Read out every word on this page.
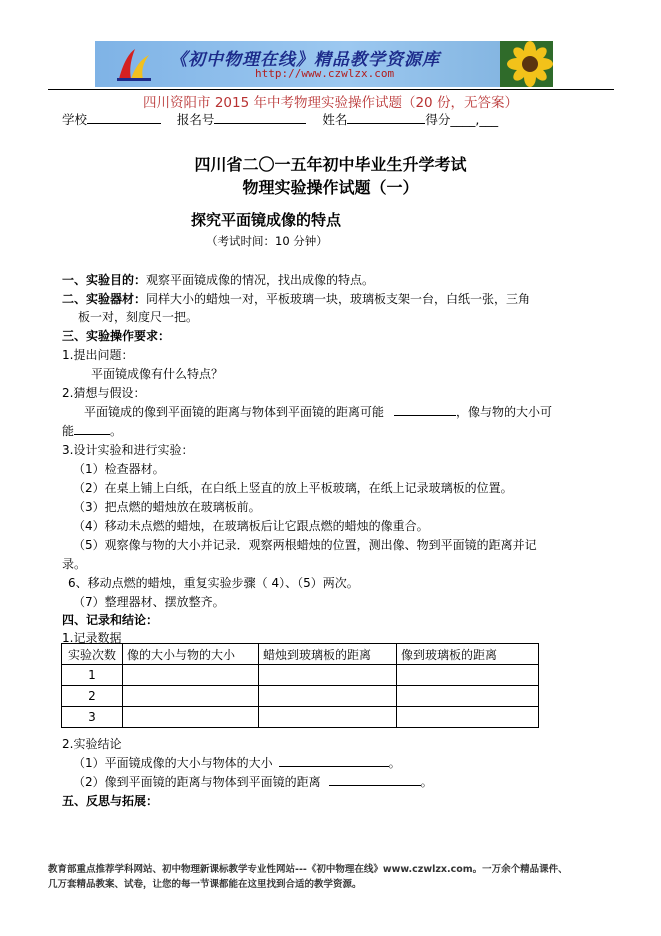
《初中物理在线》精品教学资源库
http://www.czwlzx.com
四川资阳市 2015 年中考物理实验操作试题（20 份，无答案）
学校	报名号	姓名	得分____,___
四川省二〇一五年初中毕业生升学考试
物理实验操作试题（一）
探究平面镜成像的特点
（考试时间：10 分钟）
一、实验目的：观察平面镜成像的情况，找出成像的特点。
二、实验器材：同样大小的蜡烛一对，平板玻璃一块，玻璃板支架一台，白纸一张，三角
板一对，刻度尺一把。
三、实验操作要求：
1.提出问题：
平面镜成像有什么特点？
2.猜想与假设：
平面镜成的像到平面镜的距离与物体到平面镜的距离可能	，像与物的大小可
能	。
3.设计实验和进行实验：
（1）检查器材。
（2）在桌上铺上白纸，在白纸上竖直的放上平板玻璃，在纸上记录玻璃板的位置。
（3）把点燃的蜡烛放在玻璃板前。
（4）移动未点燃的蜡烛，在玻璃板后让它跟点燃的蜡烛的像重合。
（5）观察像与物的大小并记录．观察两根蜡烛的位置，测出像、物到平面镜的距离并记
录。
6、移动点燃的蜡烛，重复实验步骤（ 4）、（5）两次。
（7）整理器材、摆放整齐。
四、记录和结论：
1.记录数据
实验次数	像的大小与物的大小	蜡烛到玻璃板的距离	像到玻璃板的距离
1			
2			
3			
2.实验结论
（1）平面镜成像的大小与物体的大小	。
（2）像到平面镜的距离与物体到平面镜的距离	。
五、反思与拓展：
教育部重点推荐学科网站、初中物理新课标教学专业性网站---《初中物理在线》www.czwlzx.com。一万余个精品课件、
几万套精品教案、试卷，让您的每一节课都能在这里找到合适的教学资源。
